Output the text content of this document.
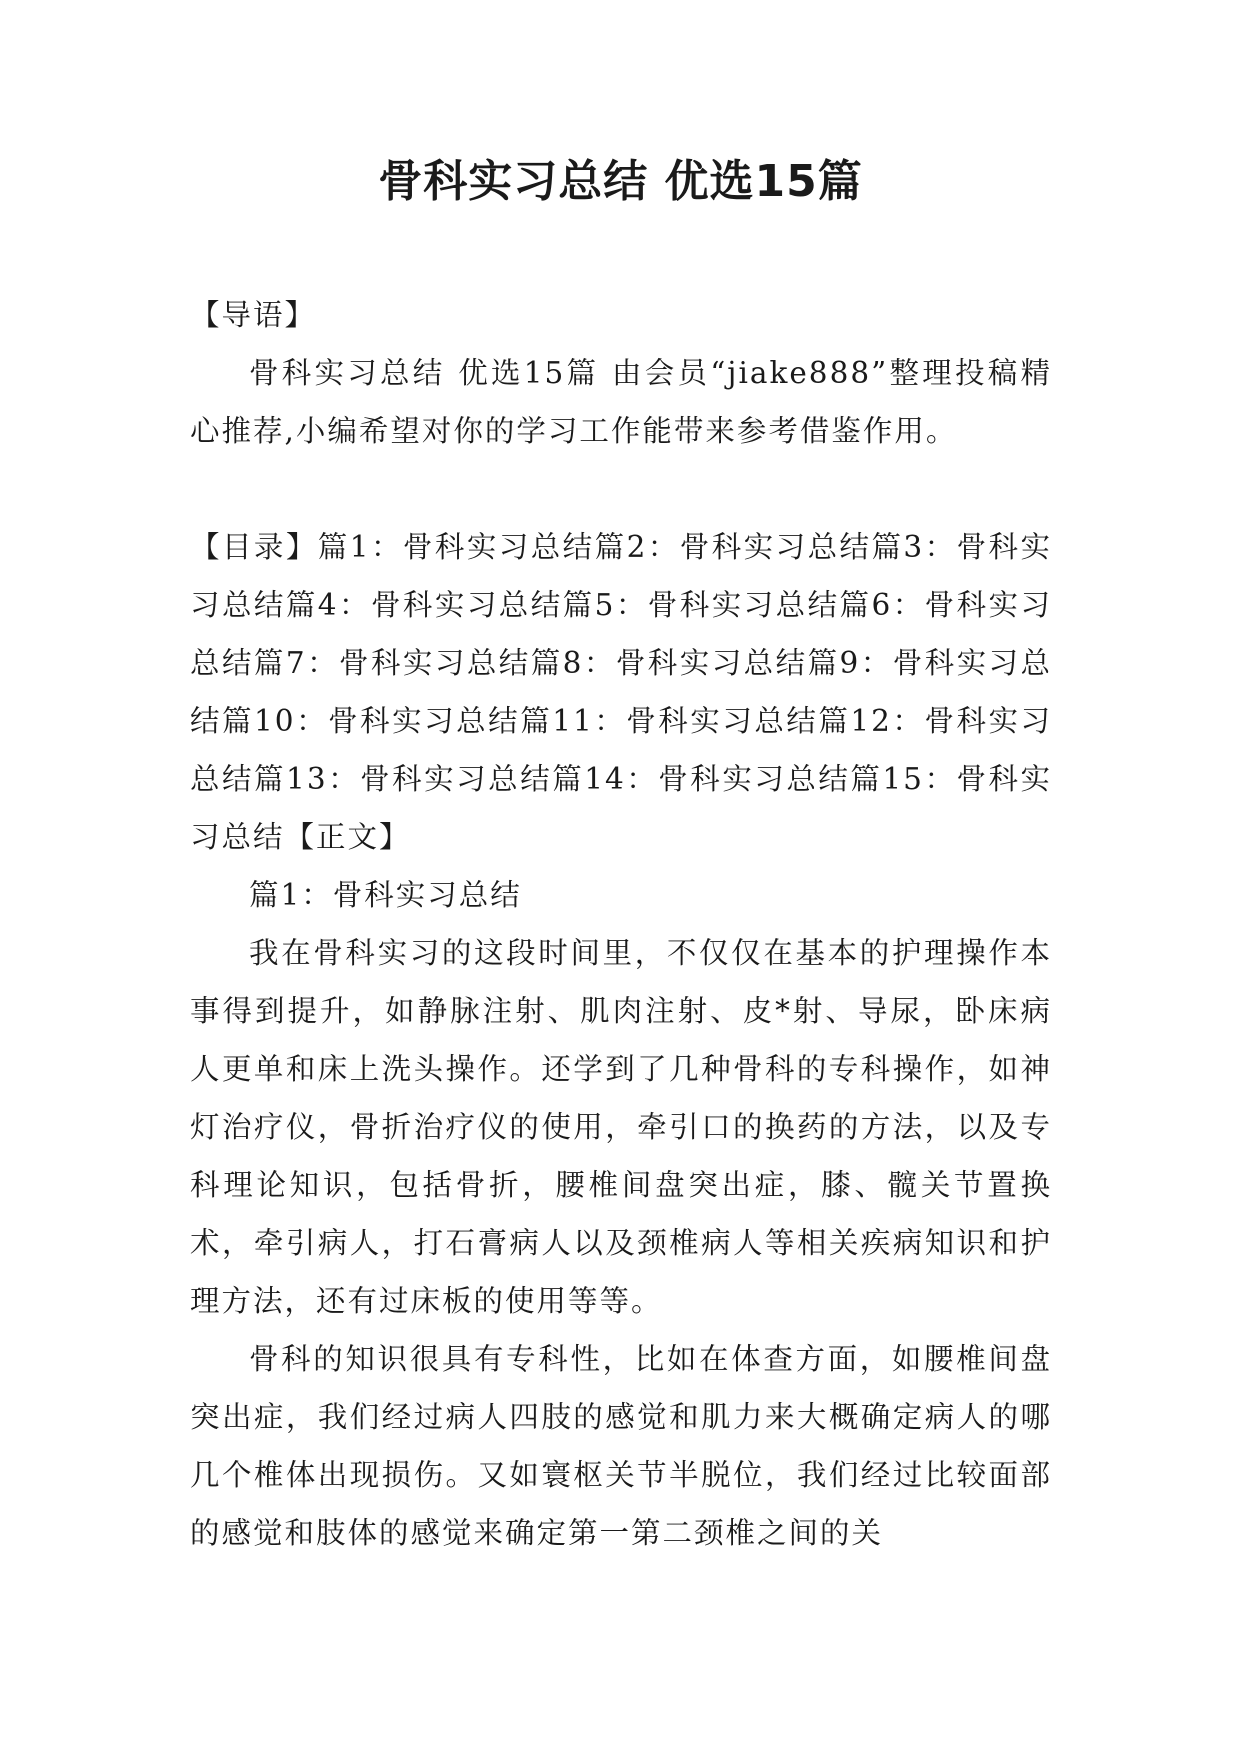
骨科实习总结 优选15篇

【导语】

骨科实习总结 优选15篇 由会员“jiake888”整理投稿精心推荐,小编希望对你的学习工作能带来参考借鉴作用。

【目录】篇1：骨科实习总结篇2：骨科实习总结篇3：骨科实习总结篇4：骨科实习总结篇5：骨科实习总结篇6：骨科实习总结篇7：骨科实习总结篇8：骨科实习总结篇9：骨科实习总结篇10：骨科实习总结篇11：骨科实习总结篇12：骨科实习总结篇13：骨科实习总结篇14：骨科实习总结篇15：骨科实习总结【正文】

篇1：骨科实习总结

我在骨科实习的这段时间里，不仅仅在基本的护理操作本事得到提升，如静脉注射、肌肉注射、皮*射、导尿，卧床病人更单和床上洗头操作。还学到了几种骨科的专科操作，如神灯治疗仪，骨折治疗仪的使用，牵引口的换药的方法，以及专科理论知识，包括骨折，腰椎间盘突出症，膝、髋关节置换术，牵引病人，打石膏病人以及颈椎病人等相关疾病知识和护理方法，还有过床板的使用等等。

骨科的知识很具有专科性，比如在体查方面，如腰椎间盘突出症，我们经过病人四肢的感觉和肌力来大概确定病人的哪几个椎体出现损伤。又如寰枢关节半脱位，我们经过比较面部的感觉和肢体的感觉来确定第一第二颈椎之间的关
